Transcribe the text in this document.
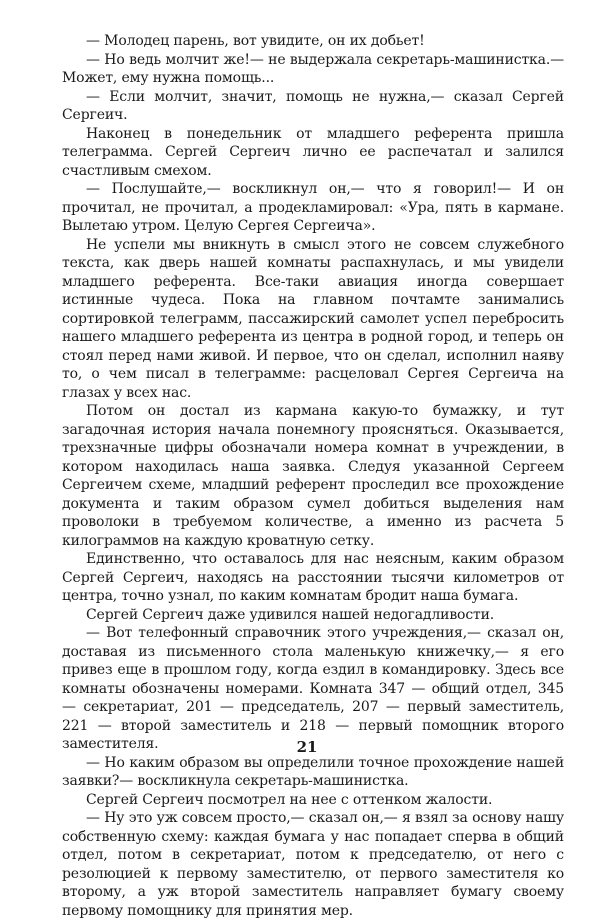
— Молодец парень, вот увидите, он их добьет!

— Но ведь молчит же!— не выдержала секретарь-машинистка.— Может, ему нужна помощь...

— Если молчит, значит, помощь не нужна,— сказал Сергей Сергеич.

Наконец в понедельник от младшего референта пришла телеграмма. Сергей Сергеич лично ее распечатал и залился счастливым смехом.

— Послушайте,— воскликнул он,— что я говорил!— И он прочитал, не прочитал, а продекламировал: «Ура, пять в кармане. Вылетаю утром. Целую Сергея Сергеича».

Не успели мы вникнуть в смысл этого не совсем служебного текста, как дверь нашей комнаты распахнулась, и мы увидели младшего референта. Все-таки авиация иногда совершает истинные чудеса. Пока на главном почтамте занимались сортировкой телеграмм, пассажирский самолет успел перебросить нашего младшего референта из центра в родной город, и теперь он стоял перед нами живой. И первое, что он сделал, исполнил наяву то, о чем писал в телеграмме: расцеловал Сергея Сергеича на глазах у всех нас.

Потом он достал из кармана какую-то бумажку, и тут загадочная история начала понемногу проясняться. Оказывается, трехзначные цифры обозначали номера комнат в учреждении, в котором находилась наша заявка. Следуя указанной Сергеем Сергеичем схеме, младший референт проследил все прохождение документа и таким образом сумел добиться выделения нам проволоки в требуемом количестве, а именно из расчета 5 килограммов на каждую кроватную сетку.

Единственно, что оставалось для нас неясным, каким образом Сергей Сергеич, находясь на расстоянии тысячи километров от центра, точно узнал, по каким комнатам бродит наша бумага.

Сергей Сергеич даже удивился нашей недогадливости.

— Вот телефонный справочник этого учреждения,— сказал он, доставая из письменного стола маленькую книжечку,— я его привез еще в прошлом году, когда ездил в командировку. Здесь все комнаты обозначены номерами. Комната 347 — общий отдел, 345 — секретариат, 201 — председатель, 207 — первый заместитель, 221 — второй заместитель и 218 — первый помощник второго заместителя.

— Но каким образом вы определили точное прохождение нашей заявки?— воскликнула секретарь-машинистка.

Сергей Сергеич посмотрел на нее с оттенком жалости.

— Ну это уж совсем просто,— сказал он,— я взял за основу нашу собственную схему: каждая бумага у нас попадает сперва в общий отдел, потом в секретариат, потом к председателю, от него с резолюцией к первому заместителю, от первого заместителя ко второму, а уж второй заместитель направляет бумагу своему первому помощнику для принятия мер.

21
